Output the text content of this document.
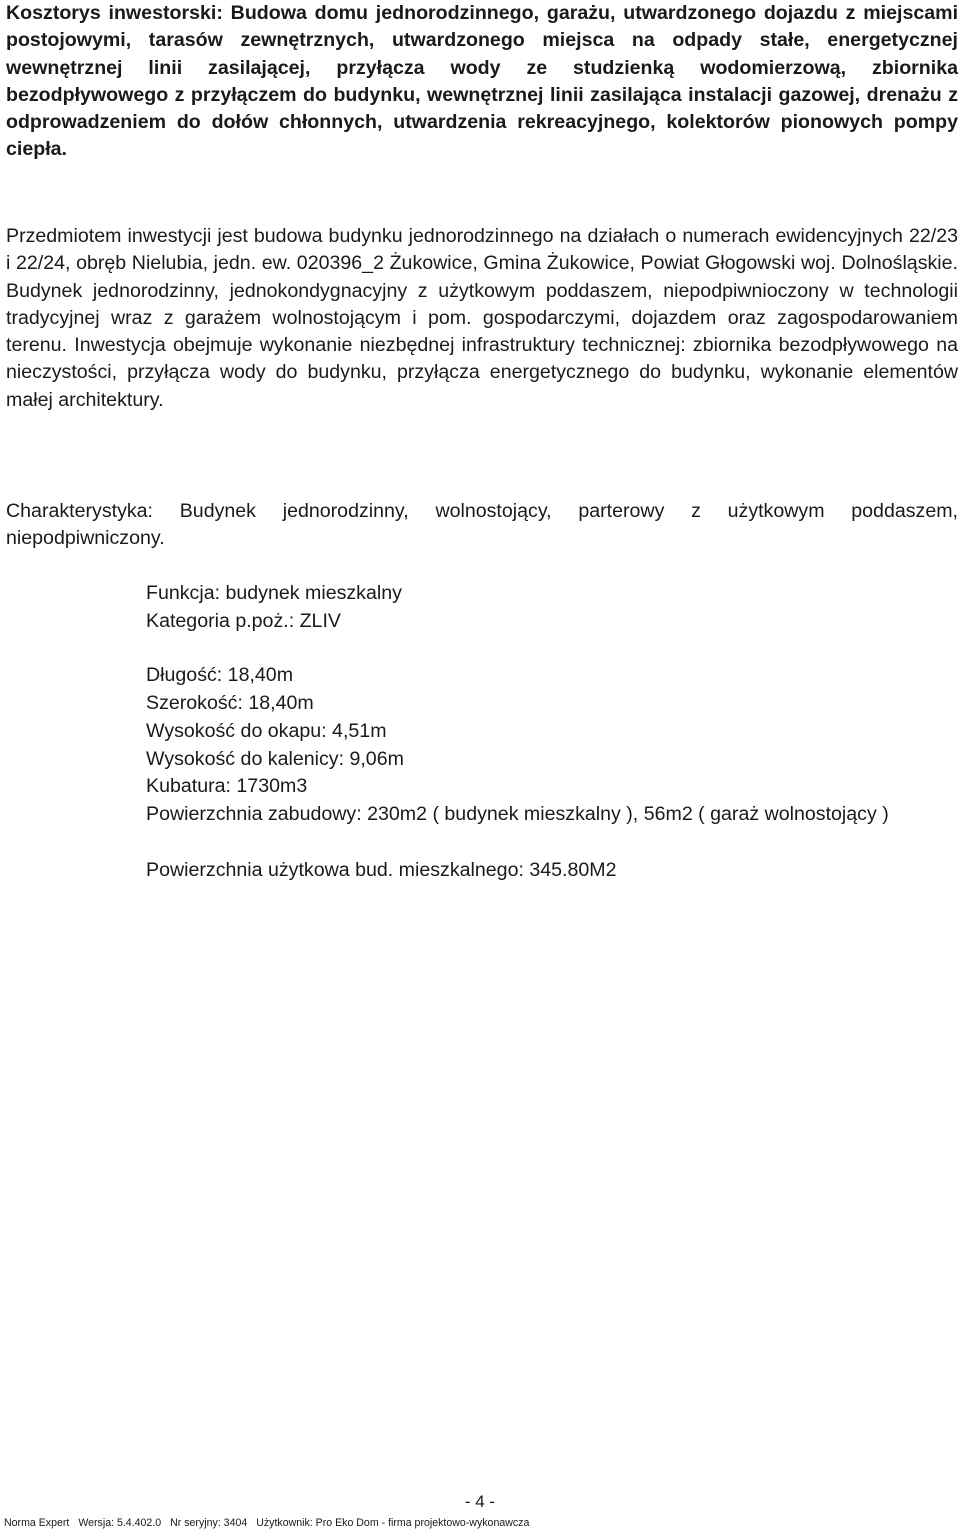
Kosztorys inwestorski: Budowa domu jednorodzinnego, garażu, utwardzonego dojazdu z miejscami postojowymi, tarasów zewnętrznych, utwardzonego miejsca na odpady stałe, energetycznej wewnętrznej linii zasilającej, przyłącza wody ze studzienką wodomierzową, zbiornika bezodpływowego z przyłączem do budynku, wewnętrznej linii zasilająca instalacji gazowej, drenażu z odprowadzeniem do dołów chłonnych, utwardzenia rekreacyjnego, kolektorów pionowych pompy ciepła.

Przedmiotem inwestycji jest budowa budynku jednorodzinnego na działach o numerach ewidencyjnych 22/23 i 22/24, obręb Nielubia, jedn. ew. 020396_2 Żukowice, Gmina Żukowice, Powiat Głogowski woj. Dolnośląskie. Budynek jednorodzinny, jednokondygnacyjny z użytkowym poddaszem, niepodpiwnioczony w technologii tradycyjnej wraz z garażem wolnostojącym i pom. gospodarczymi, dojazdem oraz zagospodarowaniem terenu. Inwestycja obejmuje wykonanie niezbędnej infrastruktury technicznej: zbiornika bezodpływowego na nieczystości, przyłącza wody do budynku, przyłącza energetycznego do budynku, wykonanie elementów małej architektury.

Charakterystyka: Budynek jednorodzinny, wolnostojący, parterowy z użytkowym poddaszem, niepodpiwniczony.

Funkcja: budynek mieszkalny

Kategoria p.poż.: ZLIV

Długość: 18,40m

Szerokość: 18,40m

Wysokość do okapu: 4,51m

Wysokość do kalenicy: 9,06m

Kubatura: 1730m3

Powierzchnia zabudowy: 230m2 ( budynek mieszkalny ), 56m2 ( garaż wolnostojący )

Powierzchnia użytkowa bud. mieszkalnego: 345.80M2

- 4 -
Norma Expert Wersja: 5.4.402.0 Nr seryjny: 3404 Użytkownik: Pro Eko Dom - firma projektowo-wykonawcza
